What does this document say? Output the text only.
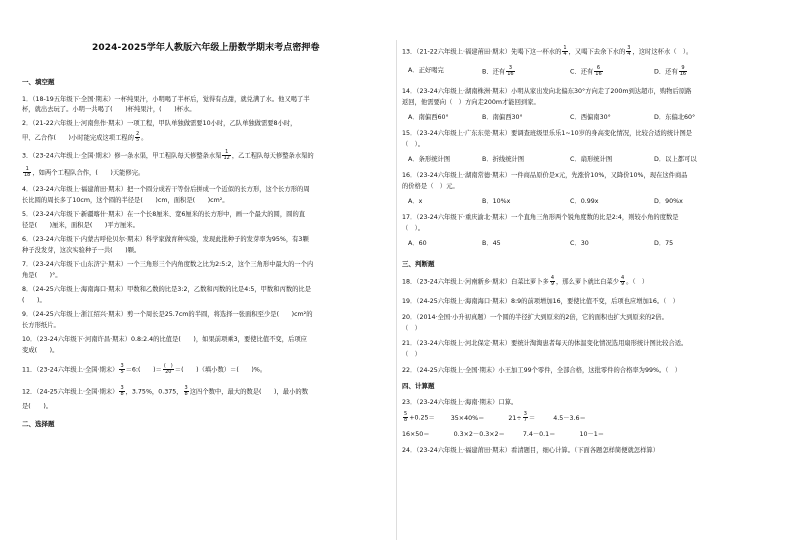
2024-2025学年人教版六年级上册数学期末考点密押卷
一、填空题
1．（18-19五年级下·全国·期末）一杯纯果汁，小明喝了半杯后，觉得有点甜，就兑满了水。他又喝了半
杯，就出去玩了。小明一共喝了(　　)杯纯果汁，(　　)杯水。
2．（21-22六年级上·河南焦作·期末）一项工程，甲队单独做需要10小时，乙队单独做需要8小时，
甲、乙合作(　　)小时能完成这项工程的 $\frac{2}{5}$ 。
3．（23-24六年级上·全国·期末）修一条水渠，甲工程队每天修整条水渠 $\frac{1}{12}$ ，乙工程队每天修整条水渠的
$\frac{1}{18}$ ，如两个工程队合作，(　　)天能修完。
4．（23-24六年级上·福建莆田·期末）把一个圆分成若干等份后拼成一个近似的长方形，这个长方形的周
长比圆的周长多了10cm，这个圆的半径是(　　)cm，面积是(　　)cm²。
5．（23-24六年级下·新疆喀什·期末）在一个长8厘米、宽6厘米的长方形中，画一个最大的圆，圆的直
径是(　　)厘米，面积是(　　)平方厘米。
6．（23-24六年级下·内蒙古呼伦贝尔·期末）科学家做育种实验，发现此批种子的发芽率为95%，有3颗
种子没发芽，这次实验种子一共(　　)颗。
7．（23-24六年级下·山东济宁·期末）一个三角形三个内角度数之比为2:5:2，这个三角形中最大的一个内
角是(　　)°。
8．（24-25六年级上·海南海口·期末）甲数和乙数的比是3:2，乙数和丙数的比是4:5，甲数和丙数的比是
(　　)。
9．（24-25六年级上·浙江绍兴·期末）剪一个周长是25.7cm的半圆，将选择一张面积至少是(　　)cm²的
长方形纸片。
10．（23-24六年级下·河南许昌·期末）0.8:2.4的比值是(　　)，如果前项乘3，要使比值不变，后项应
变成(　　)。
11．（23-24六年级上·全国·期末） $\frac{3}{5}$ ＝6:(　　)＝ $\frac{( )}{20}$ ＝(　　)（填小数）＝(　　)%。
12．（24-25六年级上·全国·期末） $\frac{3}{8}$ ，3.75%，0.375， $\frac{3}{8}$ 这四个数中，最大的数是(　　)，最小的数
是(　　)。
二、选择题
13．（21-22六年级上·福建莆田·期末）先喝下这一杯水的 $\frac{1}{4}$ ，又喝下去余下水的 $\frac{3}{4}$ ，这时这杯水（　）。
A．正好喝完	B．还有 $\frac{3}{16}$	C．还有 $\frac{6}{16}$	D．还有 $\frac{9}{16}$
14．（23-24六年级上·湖南株洲·期末）小明从家出发向北偏东30°方向走了200m到达超市，购物后原路
返回，他需要向（　）方向走200m才能回到家。
A．南偏西60°	B．南偏西30°	C．西偏南30°	D．东偏北60°
15．（23-24六年级上·广东东莞·期末）要调查班级里乐乐1~10岁的身高变化情况，比较合适的统计图是
（　）。
A．条形统计图	B．折线统计图	C．扇形统计图	D．以上都可以
16．（23-24六年级上·湖南常德·期末）一件商品原价是x元，先涨价10%，又降价10%，现在这件商品
的价格是（　）元。
A．x	B．10%x	C．0.99x	D．90%x
17．（23-24六年级下·重庆渝北·期末）一个直角三角形两个锐角度数的比是2:4，则较小角的度数是
（　）。
A．60	B．45	C．30	D．75
三、判断题
18．（23-24六年级上·河南新乡·期末）白菜比萝卜多 $\frac{4}{9}$ ，那么萝卜就比白菜少 $\frac{4}{9}$ 。（　）
19．（24-25六年级上·海南海口·期末）8:9的前项增加16，要使比值不变，后项也应增加16。（　）
20．（2014·全国·小升初真题）一个圆的半径扩大到原来的2倍，它的面积也扩大到原来的2倍。
（　）
21．（23-24六年级上·河北保定·期末）要统计淘淘患者每天的体温变化情况选用扇形统计图比较合适。
（　）
22．（24-25六年级上·全国·期末）小王加工99个零件，全部合格，这批零件的合格率为99%。（　）
四、计算题
23．（23-24六年级上·海南·期末）口算。
$\frac{5}{8} +0.25=$	35×40%＝	$21\div \frac{3}{7}$ ＝	4.5－3.6＝
16×50＝	0.3×2－0.3×2＝	7.4－0.1＝	10－1＝
24．（23-24六年级上·福建莆田·期末）看清题目，细心计算。（下面各题怎样简便就怎样算）
